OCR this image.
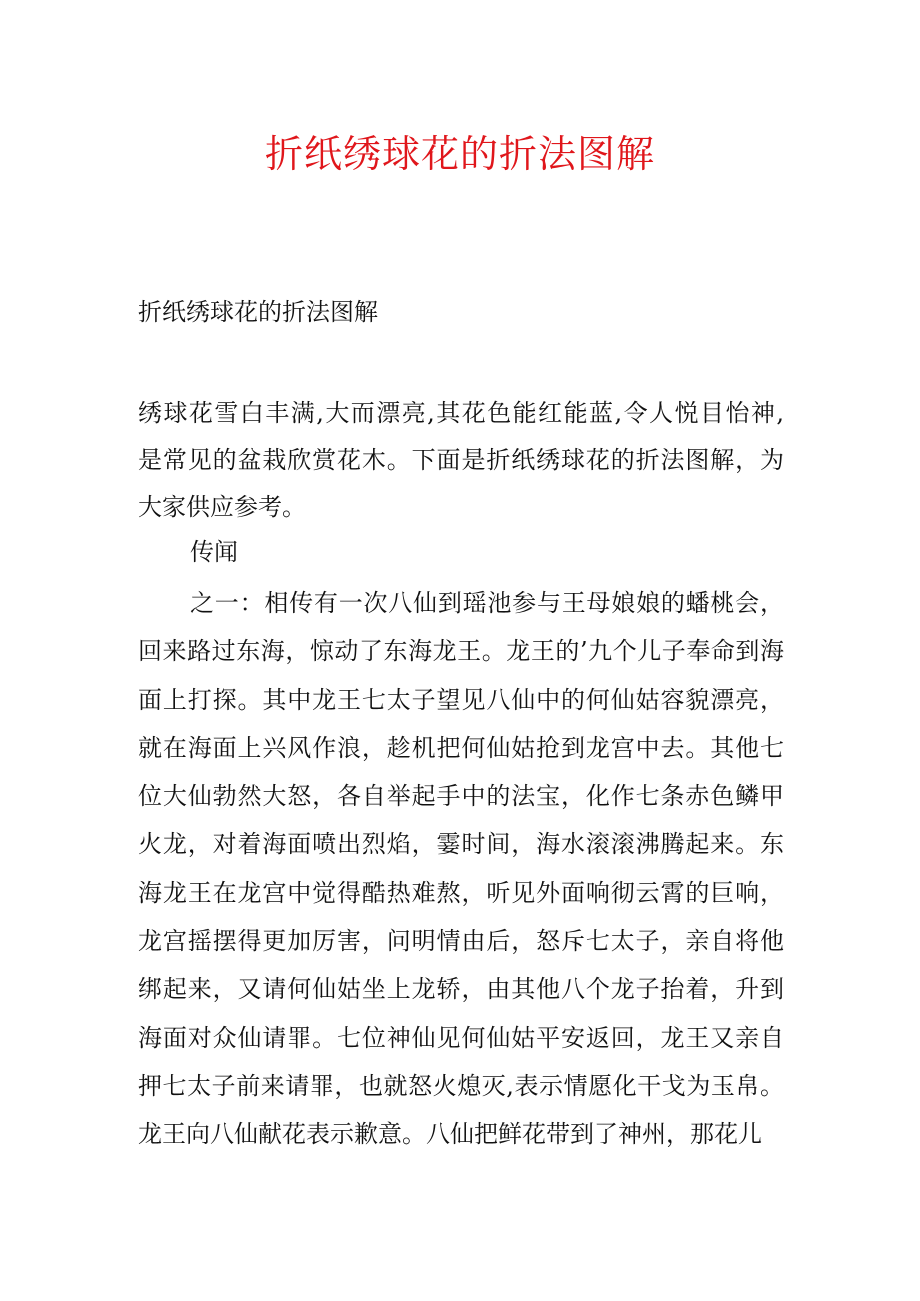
折纸绣球花的折法图解

折纸绣球花的折法图解

绣球花雪白丰满,大而漂亮,其花色能红能蓝,令人悦目怡神,
是常见的盆栽欣赏花木。下面是折纸绣球花的折法图解，为
大家供应参考。

传闻

之一：相传有一次八仙到瑶池参与王母娘娘的蟠桃会，
回来路过东海，惊动了东海龙王。龙王的’九个儿子奉命到海
面上打探。其中龙王七太子望见八仙中的何仙姑容貌漂亮，
就在海面上兴风作浪，趁机把何仙姑抢到龙宫中去。其他七
位大仙勃然大怒，各自举起手中的法宝，化作七条赤色鳞甲
火龙，对着海面喷出烈焰，霎时间，海水滚滚沸腾起来。东
海龙王在龙宫中觉得酷热难熬，听见外面响彻云霄的巨响，
龙宫摇摆得更加厉害，问明情由后，怒斥七太子，亲自将他
绑起来，又请何仙姑坐上龙轿，由其他八个龙子抬着，升到
海面对众仙请罪。七位神仙见何仙姑平安返回，龙王又亲自
押七太子前来请罪，也就怒火熄灭,表示情愿化干戈为玉帛。
龙王向八仙献花表示歉意。八仙把鲜花带到了神州，那花儿
